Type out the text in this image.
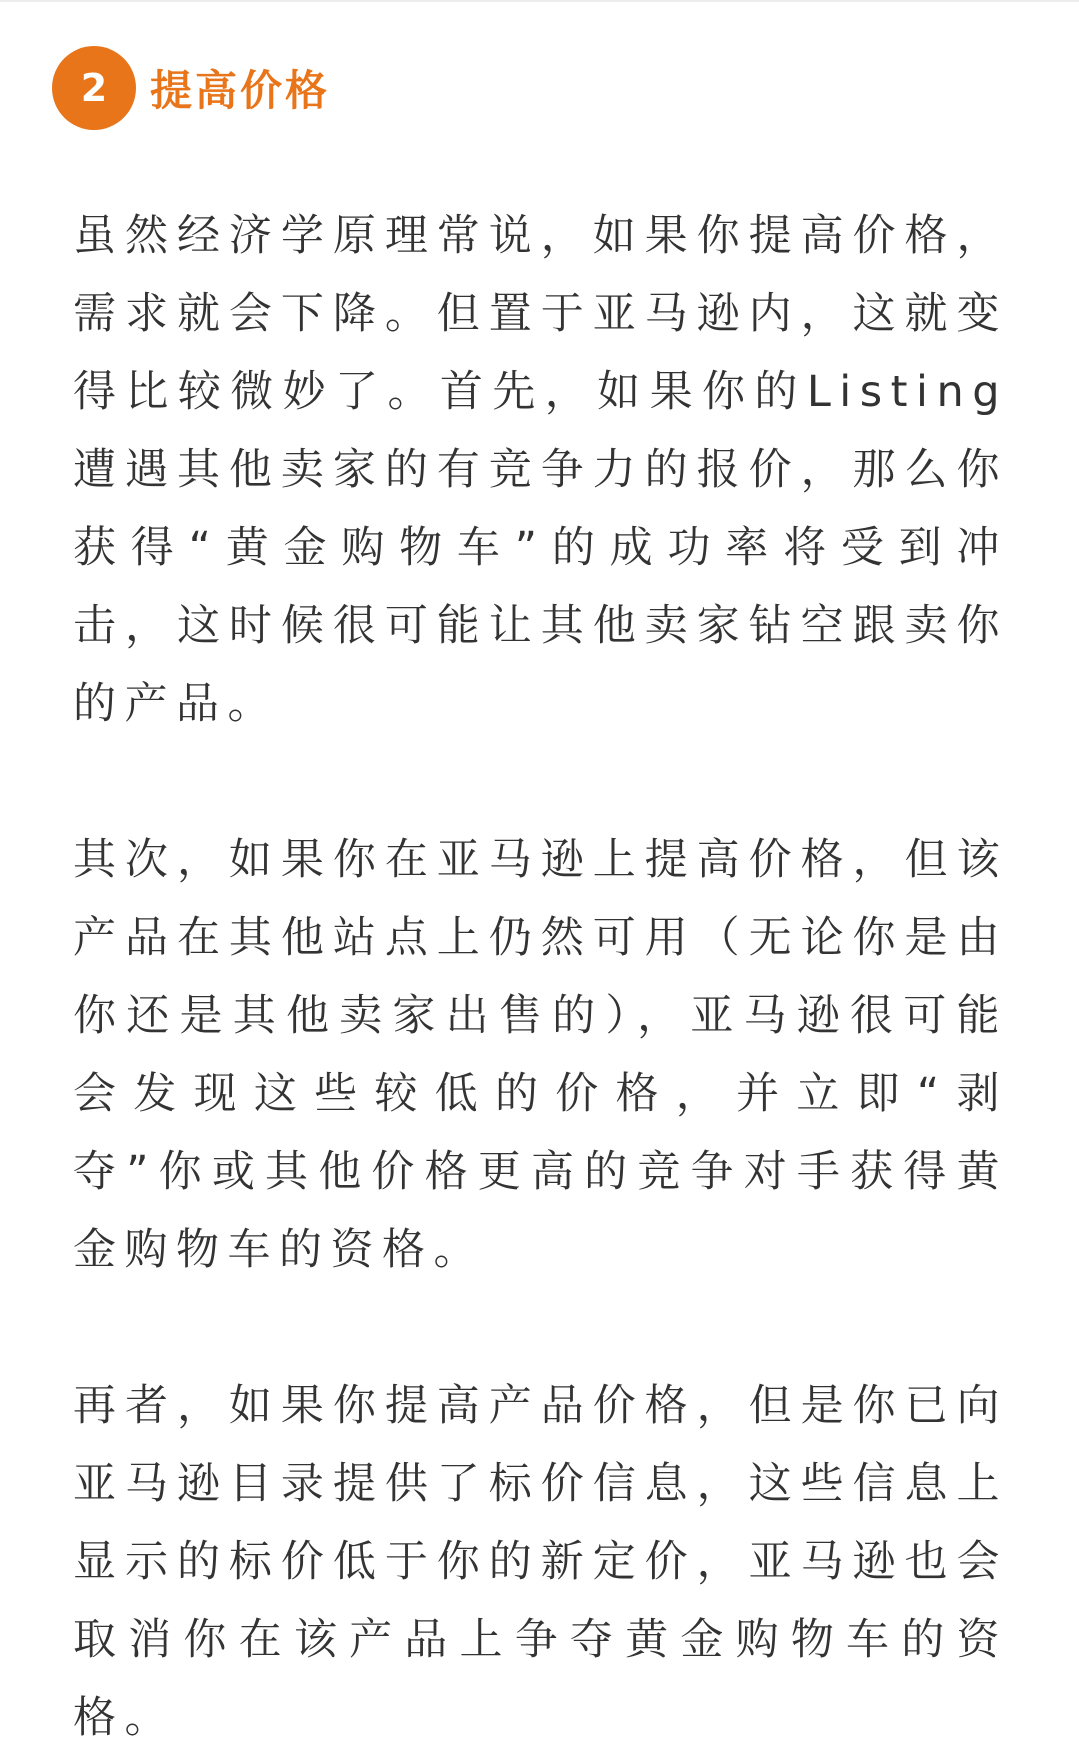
2	提高价格

虽然经济学原理常说，如果你提高价格，需求就会下降。但置于亚马逊内，这就变得比较微妙了。首先，如果你的Listing遭遇其他卖家的有竞争力的报价，那么你获得“黄金购物车”的成功率将受到冲击，这时候很可能让其他卖家钻空跟卖你的产品。

其次，如果你在亚马逊上提高价格，但该产品在其他站点上仍然可用（无论你是由你还是其他卖家出售的），亚马逊很可能会发现这些较低的价格，并立即“剥夺”你或其他价格更高的竞争对手获得黄金购物车的资格。

再者，如果你提高产品价格，但是你已向亚马逊目录提供了标价信息，这些信息上显示的标价低于你的新定价，亚马逊也会取消你在该产品上争夺黄金购物车的资格。
